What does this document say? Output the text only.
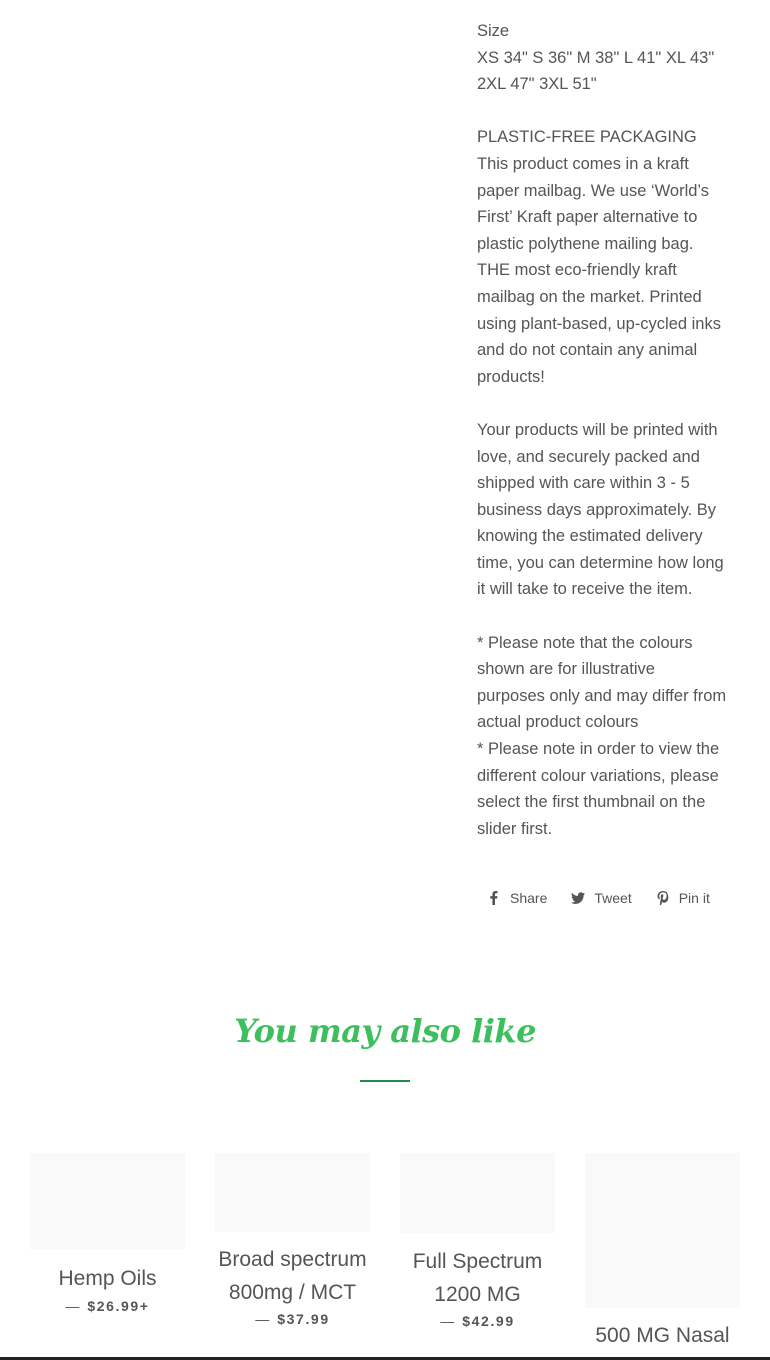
Size

XS 34" S 36" M 38" L 41" XL 43" 2XL 47" 3XL 51"

PLASTIC-FREE PACKAGING

This product comes in a kraft paper mailbag. We use ‘World’s First’ Kraft paper alternative to plastic polythene mailing bag. THE most eco-friendly kraft mailbag on the market. Printed using plant-based, up-cycled inks and do not contain any animal products!

Your products will be printed with love, and securely packed and shipped with care within 3 - 5 business days approximately. By knowing the estimated delivery time, you can determine how long it will take to receive the item.

* Please note that the colours shown are for illustrative purposes only and may differ from actual product colours

* Please note in order to view the different colour variations, please select the first thumbnail on the slider first.

Share	Tweet	Pin it
You may also like
Hemp Oils
— $26.99+
Broad spectrum 800mg / MCT
— $37.99
Full Spectrum 1200 MG
— $42.99
500 MG Nasal
